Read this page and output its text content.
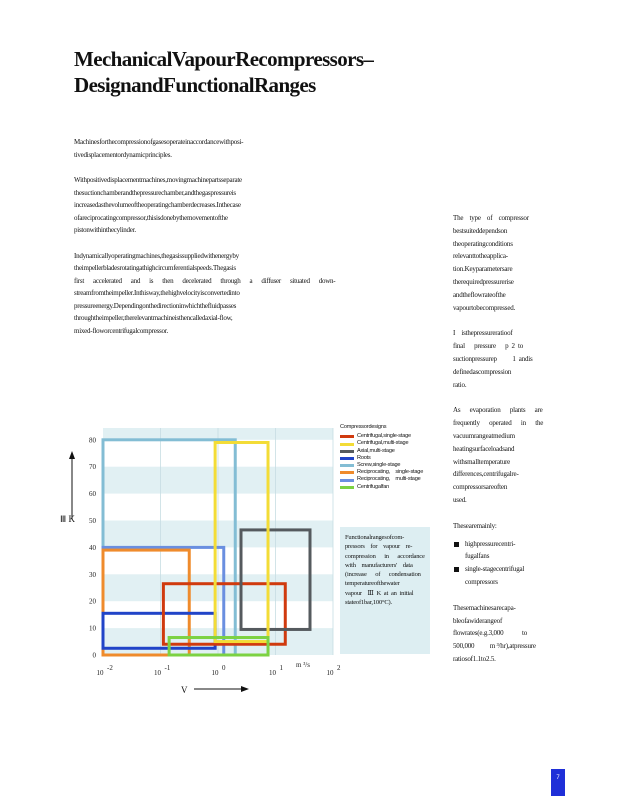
MechanicalVapourRecompressors–
DesignandFunctionalRanges

Machinesforthecompressionofgasesoperateinaccordancewithposi-
tivedisplacementordynamicprinciples.

Withpositivedisplacementmachines,movingmachinepartsseparate
thesuctionchamberandthepressurechamber,andthegaspressureis
increasedasthevolumeoftheoperatingchamberdecreases.Inthecase
ofareciprocatingcompressor,thisisdonebythemovementofthe
pistonwithinthecylinder.

Indynamicallyoperatingmachines,thegasissuppliedwithenergyby
theimpellerbladesrotatingathighcircumferentialspeeds.Thegasis
first      accelerated      and      is      then      decelerated      through      a      diffuser      situated      down-
streamfromtheimpeller.Inthisway,thehighvelocityisconvertedinto
pressureenergy.Dependingonthedirectioninwhichthefluidpasses
throughtheimpeller,therelevantmachineisthencalledaxial-flow,
mixed-floworcentrifugalcompressor.

The    type    of    compressor
bestsuiteddependson
theoperatingconditions
relevanttotheapplica-
tion.Keyparametersare
therequiredpressurerise
andtheflowrateofthe
vapourtobecompressed.

I    isthepressureratioof
final      pressure      p  2  to
suctionpressurep          1  andis
definedascompression
ratio.

As      evaporation      plants      are
frequently      operated      in      the
vacuumrangeatmedium
heatingsurfaceloadsand
withsmalltemperature
differences,centrifugalre-
compressorsareoften
used.

Thesearemainly:

highpressurecentri-
fugalfans
single-stagecentrifugal
compressors

Thesemachinesarecapa-
bleofawiderangeof
flowrates(e.g.3,000            to
500,000          m ³/hr),atpressure
ratiosof1.1to2.5.

0
10
20
30
40
50
60
70
80
10
-2
10
-1
10
0
10
1
10
2
Ⅲ K
V
m ³/s
Compressordesigns
Centrifugal,single-stage
Centrifugal,multi-stage
Axial,multi-stage
Roots
Screw,single-stage
Reciprocating,    single-stage
Reciprocating,    multi-stage
Centrifugalfan
Functionalrangesofcom-
pressors    for    vapour    re-
compression      in      accordance
with    manufacturers'    data
(increase      of      condensation
temperatureofthewater
vapour    Ⅲ  K  at  an  initial
stateof1bar,100°C).
7
